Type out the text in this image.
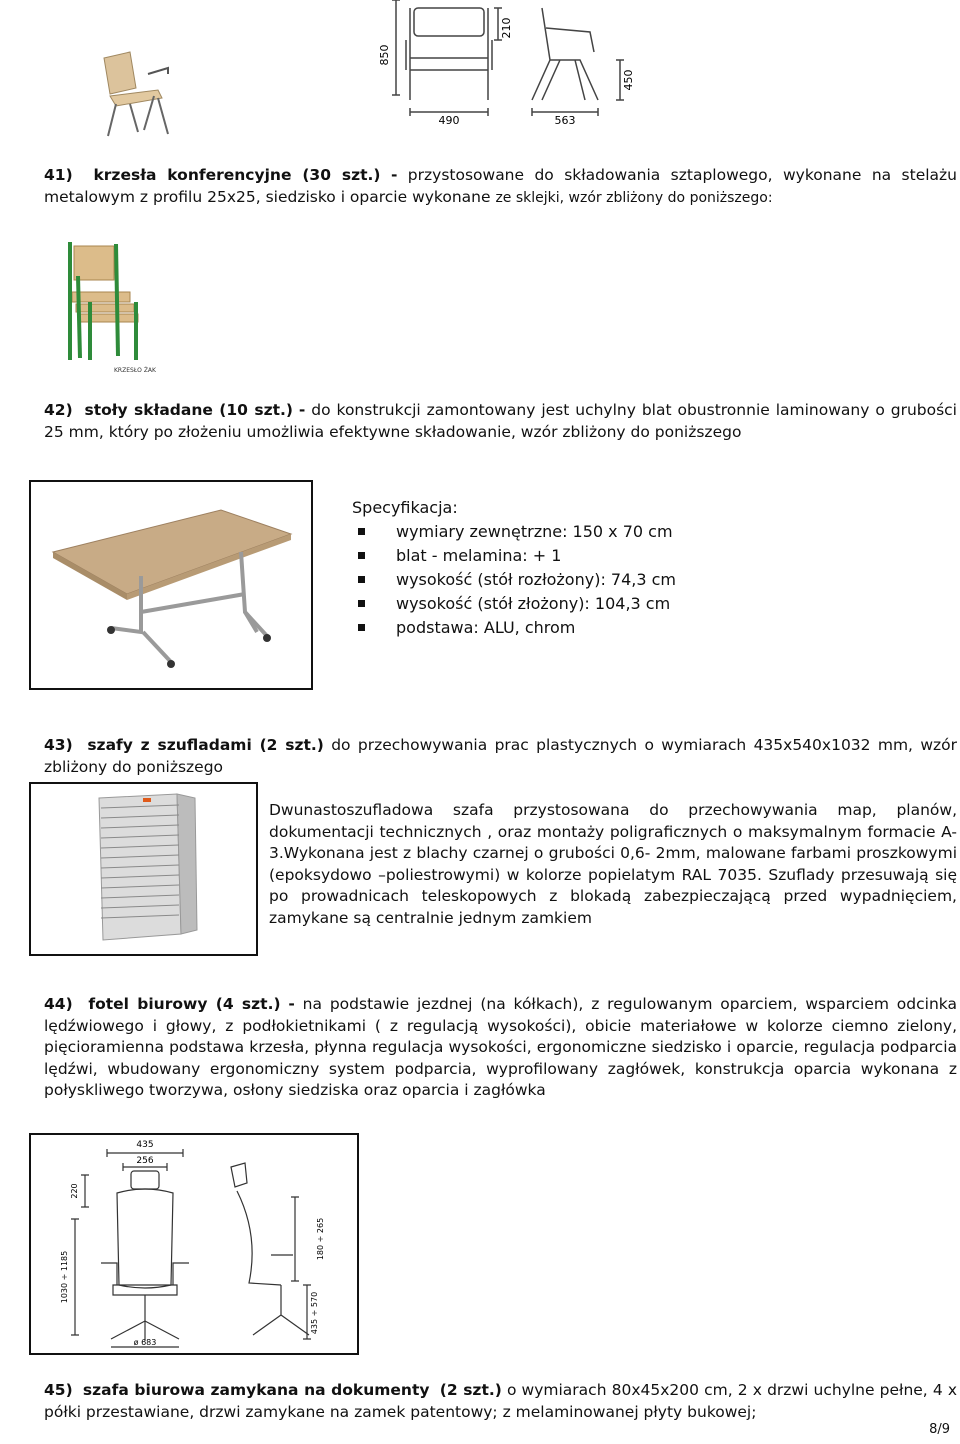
850
210
490	563
450
41) krzesła konferencyjne (30 szt.) - przystosowane do składowania sztaplowego, wykonane na stelażu metalowym z profilu 25x25, siedzisko i oparcie wykonane ze sklejki, wzór zbliżony do poniższego:
KRZESŁO ŻAK
42) stoły składane (10 szt.) - do konstrukcji zamontowany jest uchylny blat obustronnie laminowany o grubości 25 mm, który po złożeniu umożliwia efektywne składowanie, wzór zbliżony do poniższego
Specyfikacja:
wymiary zewnętrzne: 150 x 70 cm
blat - melamina: + 1
wysokość (stół rozłożony): 74,3 cm
wysokość (stół złożony): 104,3 cm
podstawa: ALU, chrom
43) szafy z szufladami (2 szt.) do przechowywania prac plastycznych o wymiarach 435x540x1032 mm, wzór zbliżony do poniższego
Dwunastoszufladowa szafa przystosowana do przechowywania map, planów, dokumentacji technicznych , oraz montaży poligraficznych o maksymalnym formacie A-3.Wykonana jest z blachy czarnej o grubości 0,6- 2mm, malowane farbami proszkowymi (epoksydowo –poliestrowymi) w kolorze popielatym RAL 7035. Szuflady przesuwają się po prowadnicach teleskopowych z blokadą zabezpieczającą przed wypadnięciem, zamykane są centralnie jednym zamkiem
44) fotel biurowy (4 szt.) - na podstawie jezdnej (na kółkach), z regulowanym oparciem, wsparciem odcinka lędźwiowego i głowy, z podłokietnikami ( z regulacją wysokości), obicie materiałowe w kolorze ciemno zielony, pięcioramienna podstawa krzesła, płynna regulacja wysokości, ergonomiczne siedzisko i oparcie, regulacja podparcia lędźwi, wbudowany ergonomiczny system podparcia, wyprofilowany zagłówek, konstrukcja oparcia wykonana z połyskliwego tworzywa, osłony siedziska oraz oparcia i zagłówka
435
256
220
1030 ÷ 1185
180 ÷ 265
435 ÷ 570
ø 683
45) szafa biurowa zamykana na dokumenty (2 szt.) o wymiarach 80x45x200 cm, 2 x drzwi uchylne pełne, 4 x półki przestawiane, drzwi zamykane na zamek patentowy; z melaminowanej płyty bukowej;
8/9
